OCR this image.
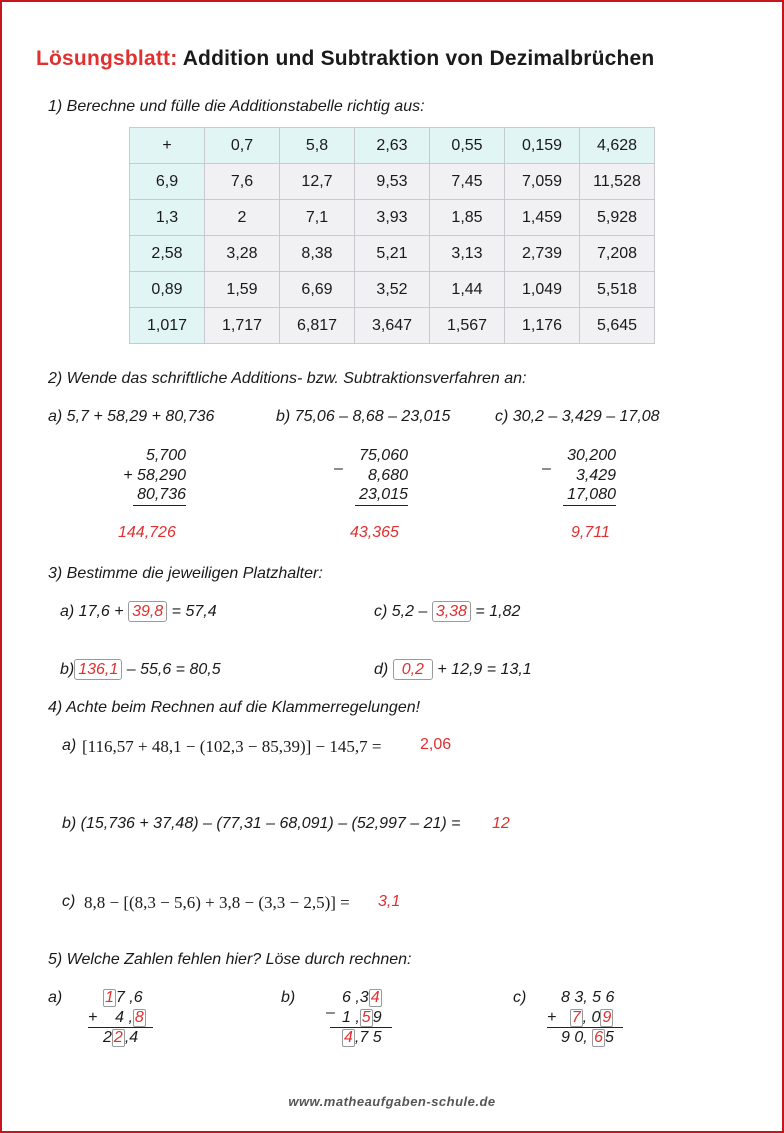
Lösungsblatt: Addition und Subtraktion von Dezimalbrüchen
1) Berechne und fülle die Additionstabelle richtig aus:
+	0,7	5,8	2,63	0,55	0,159	4,628
6,9	7,6	12,7	9,53	7,45	7,059	11,528
1,3	2	7,1	3,93	1,85	1,459	5,928
2,58	3,28	8,38	5,21	3,13	2,739	7,208
0,89	1,59	6,69	3,52	1,44	1,049	5,518
1,017	1,717	6,817	3,647	1,567	1,176	5,645
2) Wende das schriftliche Additions- bzw. Subtraktionsverfahren an:
a) 5,7 + 58,29 + 80,736	b) 75,06 – 8,68 – 23,015	c) 30,2 – 3,429 – 17,08
5,700
+ 58,290
80,736
144,726
–
75,060
8,680
23,015
43,365
–
30,200
3,429
17,080
9,711
3) Bestimme die jeweiligen Platzhalter:
a) 17,6 + 39,8 = 57,4	c) 5,2 – 3,38 = 1,82
b) 136,1 – 55,6 = 80,5	d) 0,2 + 12,9 = 13,1
4) Achte beim Rechnen auf die Klammerregelungen!
a) [116,57 + 48,1 − (102,3 − 85,39)] − 145,7 = 2,06
b) (15,736 + 37,48) – (77,31 – 68,091) – (52,997 – 21) = 12
c) 8,8 − [(8,3 − 5,6) + 3,8 − (3,3 − 2,5)] = 3,1
5) Welche Zahlen fehlen hier? Löse durch rechnen:
a)	1 7 ,6
+    4 , 8
2 2 ,4
b)
–
6 ,3 4
1 , 5 9
4 ,7 5
c)	8 3, 5 6
+ 7 , 0 9
9 0, 6 5
www.matheaufgaben-schule.de
